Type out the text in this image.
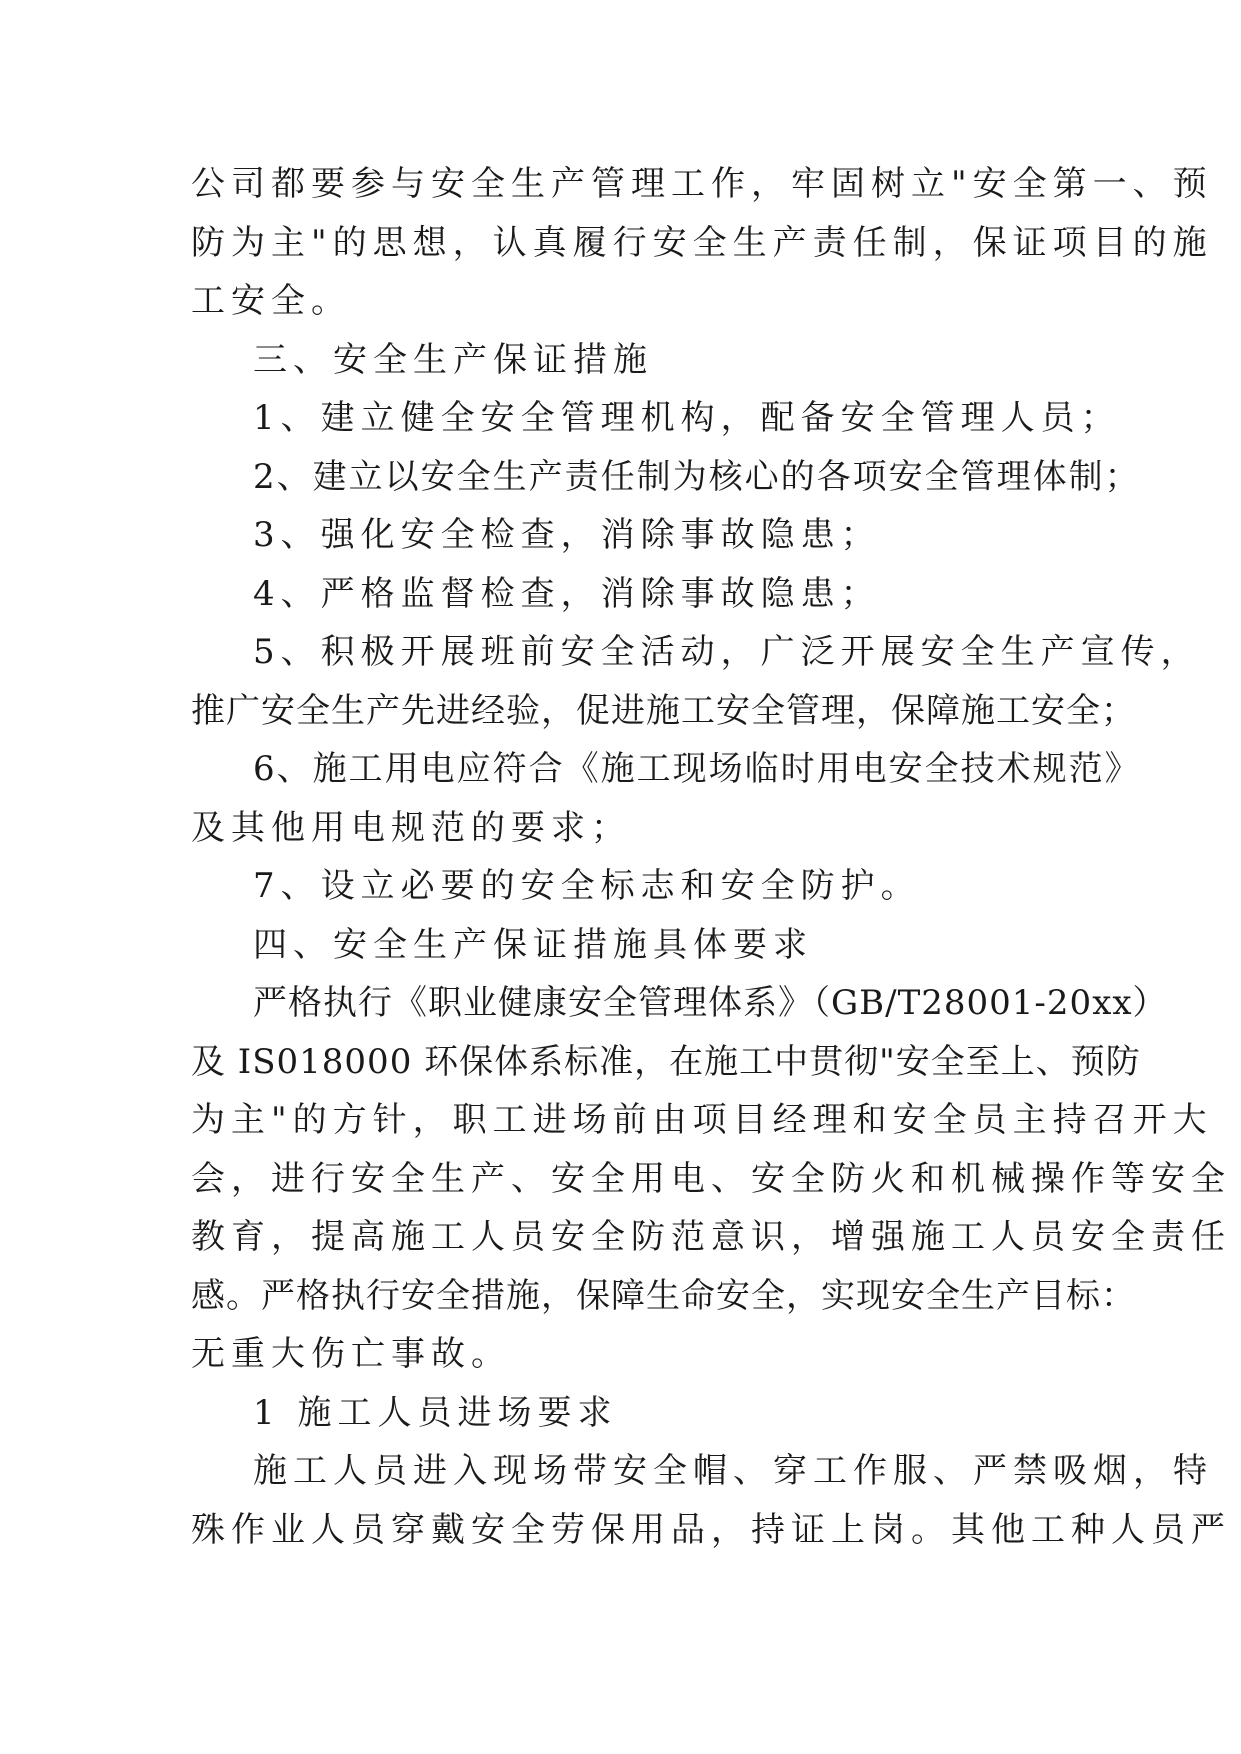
公司都要参与安全生产管理工作，牢固树立"安全第一、预
防为主"的思想，认真履行安全生产责任制，保证项目的施
工安全。
三、安全生产保证措施
1、建立健全安全管理机构，配备安全管理人员；
2、建立以安全生产责任制为核心的各项安全管理体制；
3、强化安全检查，消除事故隐患；
4、严格监督检查，消除事故隐患；
5、积极开展班前安全活动，广泛开展安全生产宣传，
推广安全生产先进经验，促进施工安全管理，保障施工安全；
6、施工用电应符合《施工现场临时用电安全技术规范》
及其他用电规范的要求；
7、设立必要的安全标志和安全防护。
四、安全生产保证措施具体要求
严格执行《职业健康安全管理体系》（GB/T28001-20xx）
及 IS018000 环保体系标准，在施工中贯彻"安全至上、预防
为主"的方针，职工进场前由项目经理和安全员主持召开大
会，进行安全生产、安全用电、安全防火和机械操作等安全
教育，提高施工人员安全防范意识，增强施工人员安全责任
感。严格执行安全措施，保障生命安全，实现安全生产目标：
无重大伤亡事故。
1 施工人员进场要求
施工人员进入现场带安全帽、穿工作服、严禁吸烟，特
殊作业人员穿戴安全劳保用品，持证上岗。其他工种人员严
